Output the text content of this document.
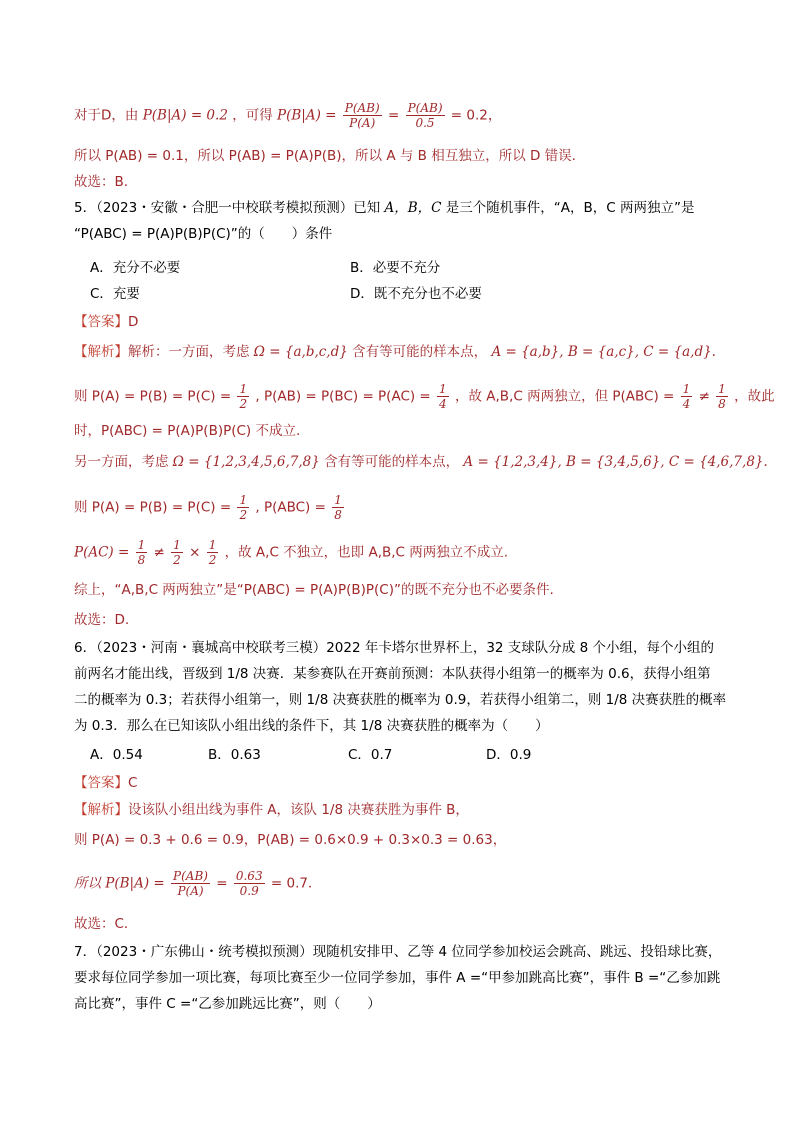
对于D，由 P(B|A) = 0.2 ，可得 $P(B|A) = \frac{P(AB)}{P(A)} = \frac{P(AB)}{0.5} = 0.2$，
所以 P(AB) = 0.1，所以 P(AB) = P(A)P(B)，所以 A 与 B 相互独立，所以 D 错误.
故选：B.
5．（2023・安徽・合肥一中校联考模拟预测）已知 A，B，C 是三个随机事件，“A，B，C 两两独立”是
“P(ABC) = P(A)P(B)P(C)”的（　　）条件
A．充分不必要	B．必要不充分
C．充要	D．既不充分也不必要
【答案】D
【解析】解析：一方面，考虑 Ω = {a,b,c,d} 含有等可能的样本点， A = {a,b}, B = {a,c}, C = {a,d}.
则 $P(A) = P(B) = P(C) = \frac{1}{2}$ , $P(AB) = P(BC) = P(AC) = \frac{1}{4}$ ，故 A,B,C 两两独立，但 $P(ABC) = \frac{1}{4} \ne \frac{1}{8}$ ，故此
时，P(ABC) = P(A)P(B)P(C) 不成立.
另一方面，考虑 Ω = {1,2,3,4,5,6,7,8} 含有等可能的样本点， A = {1,2,3,4}, B = {3,4,5,6}, C = {4,6,7,8}.
则 $P(A) = P(B) = P(C) = \frac{1}{2}$ , $P(ABC) = \frac{1}{8}$
$P(AC) = \frac{1}{8} \ne \frac{1}{2} \times \frac{1}{2}$ ，故 A,C 不独立，也即 A,B,C 两两独立不成立.
综上，“A,B,C 两两独立”是“P(ABC) = P(A)P(B)P(C)”的既不充分也不必要条件.
故选：D.
6．（2023・河南・襄城高中校联考三模）2022 年卡塔尔世界杯上，32 支球队分成 8 个小组，每个小组的
前两名才能出线，晋级到 1/8 决赛．某参赛队在开赛前预测：本队获得小组第一的概率为 0.6，获得小组第
二的概率为 0.3；若获得小组第一，则 1/8 决赛获胜的概率为 0.9，若获得小组第二，则 1/8 决赛获胜的概率
为 0.3．那么在已知该队小组出线的条件下，其 1/8 决赛获胜的概率为（　　）
A．0.54	B．0.63	C．0.7	D．0.9
【答案】C
【解析】设该队小组出线为事件 A，该队 1/8 决赛获胜为事件 B，
则 P(A) = 0.3 + 0.6 = 0.9，P(AB) = 0.6×0.9 + 0.3×0.3 = 0.63，
所以 $P(B|A) = \frac{P(AB)}{P(A)} = \frac{0.63}{0.9} = 0.7$．
故选：C．
7．（2023・广东佛山・统考模拟预测）现随机安排甲、乙等 4 位同学参加校运会跳高、跳远、投铅球比赛，
要求每位同学参加一项比赛，每项比赛至少一位同学参加，事件 A =“甲参加跳高比赛”，事件 B =“乙参加跳
高比赛”，事件 C =“乙参加跳远比赛”，则（　　）
